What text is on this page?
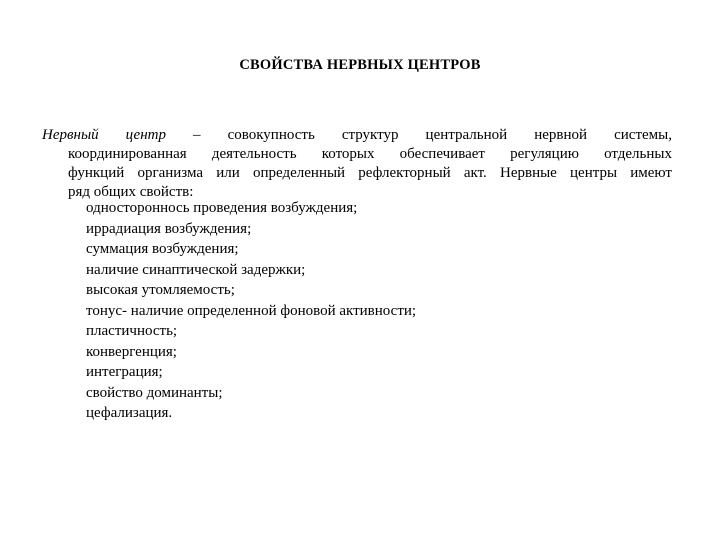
СВОЙСТВА НЕРВНЫХ ЦЕНТРОВ
Нервный центр – совокупность структур центральной нервной системы,
координированная деятельность которых обеспечивает регуляцию отдельных
функций организма или определенный рефлекторный акт. Нервные центры имеют
ряд общих свойств:
одностороннось проведения возбуждения;
иррадиация возбуждения;
суммация возбуждения;
наличие синаптической задержки;
высокая утомляемость;
тонус- наличие определенной фоновой активности;
пластичность;
конвергенция;
интеграция;
свойство доминанты;
цефализация.
